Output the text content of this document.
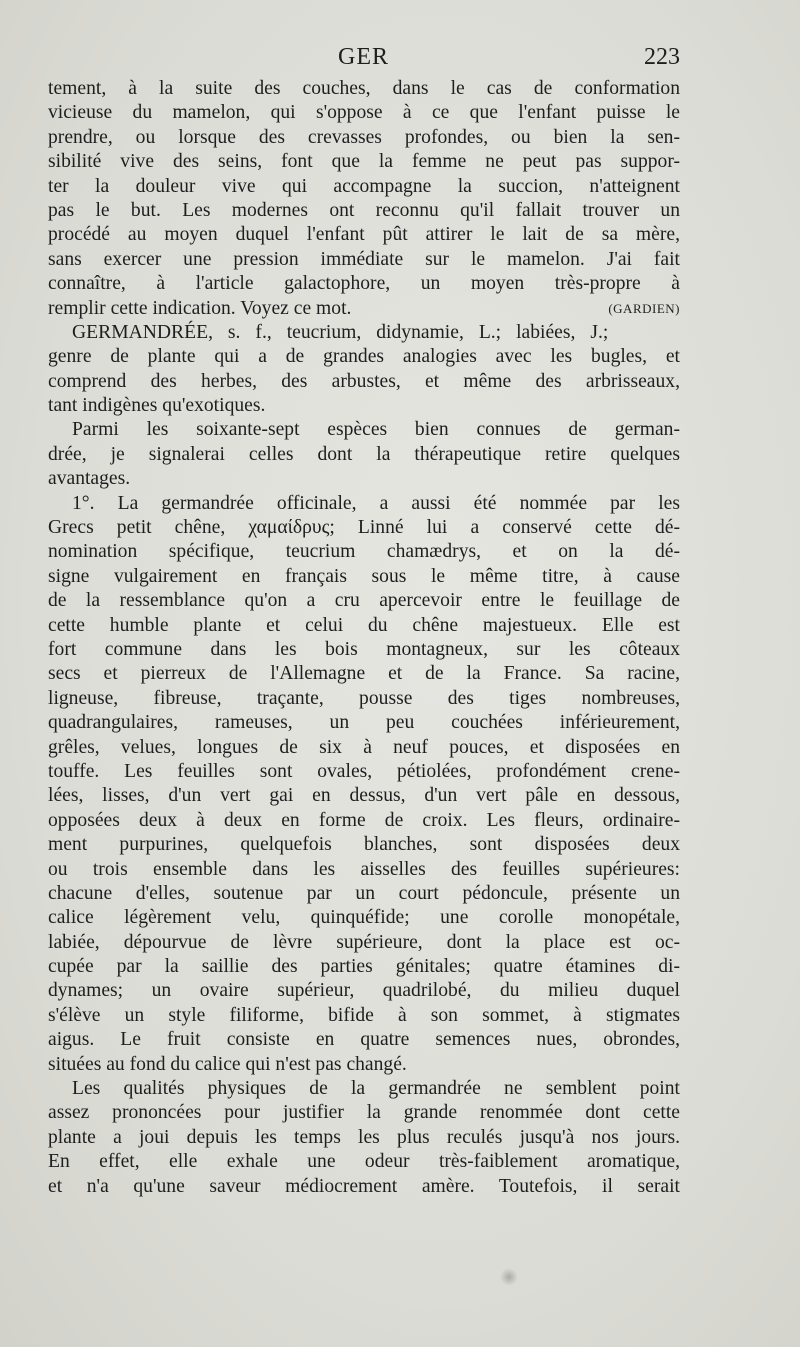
GER	223
tement, à la suite des couches, dans le cas de conformation
vicieuse du mamelon, qui s'oppose à ce que l'enfant puisse le
prendre, ou lorsque des crevasses profondes, ou bien la sen-
sibilité vive des seins, font que la femme ne peut pas suppor-
ter la douleur vive qui accompagne la succion, n'atteignent
pas le but. Les modernes ont reconnu qu'il fallait trouver un
procédé au moyen duquel l'enfant pût attirer le lait de sa mère,
sans exercer une pression immédiate sur le mamelon. J'ai fait
connaître, à l'article galactophore, un moyen très-propre à
remplir cette indication. Voyez ce mot.	(GARDIEN)
GERMANDRÉE, s. f., teucrium, didynamie, L.; labiées, J.;
genre de plante qui a de grandes analogies avec les bugles, et
comprend des herbes, des arbustes, et même des arbrisseaux,
tant indigènes qu'exotiques.
Parmi les soixante-sept espèces bien connues de german-
drée, je signalerai celles dont la thérapeutique retire quelques
avantages.
1°. La germandrée officinale, a aussi été nommée par les
Grecs petit chêne, χαμαίδρυς; Linné lui a conservé cette dé-
nomination spécifique, teucrium chamædrys, et on la dé-
signe vulgairement en français sous le même titre, à cause
de la ressemblance qu'on a cru apercevoir entre le feuillage de
cette humble plante et celui du chêne majestueux. Elle est
fort commune dans les bois montagneux, sur les côteaux
secs et pierreux de l'Allemagne et de la France. Sa racine,
ligneuse, fibreuse, traçante, pousse des tiges nombreuses,
quadrangulaires, rameuses, un peu couchées inférieurement,
grêles, velues, longues de six à neuf pouces, et disposées en
touffe. Les feuilles sont ovales, pétiolées, profondément crene-
lées, lisses, d'un vert gai en dessus, d'un vert pâle en dessous,
opposées deux à deux en forme de croix. Les fleurs, ordinaire-
ment purpurines, quelquefois blanches, sont disposées deux
ou trois ensemble dans les aisselles des feuilles supérieures:
chacune d'elles, soutenue par un court pédoncule, présente un
calice légèrement velu, quinquéfide; une corolle monopétale,
labiée, dépourvue de lèvre supérieure, dont la place est oc-
cupée par la saillie des parties génitales; quatre étamines di-
dynames; un ovaire supérieur, quadrilobé, du milieu duquel
s'élève un style filiforme, bifide à son sommet, à stigmates
aigus. Le fruit consiste en quatre semences nues, obrondes,
situées au fond du calice qui n'est pas changé.
Les qualités physiques de la germandrée ne semblent point
assez prononcées pour justifier la grande renommée dont cette
plante a joui depuis les temps les plus reculés jusqu'à nos jours.
En effet, elle exhale une odeur très-faiblement aromatique,
et n'a qu'une saveur médiocrement amère. Toutefois, il serait
